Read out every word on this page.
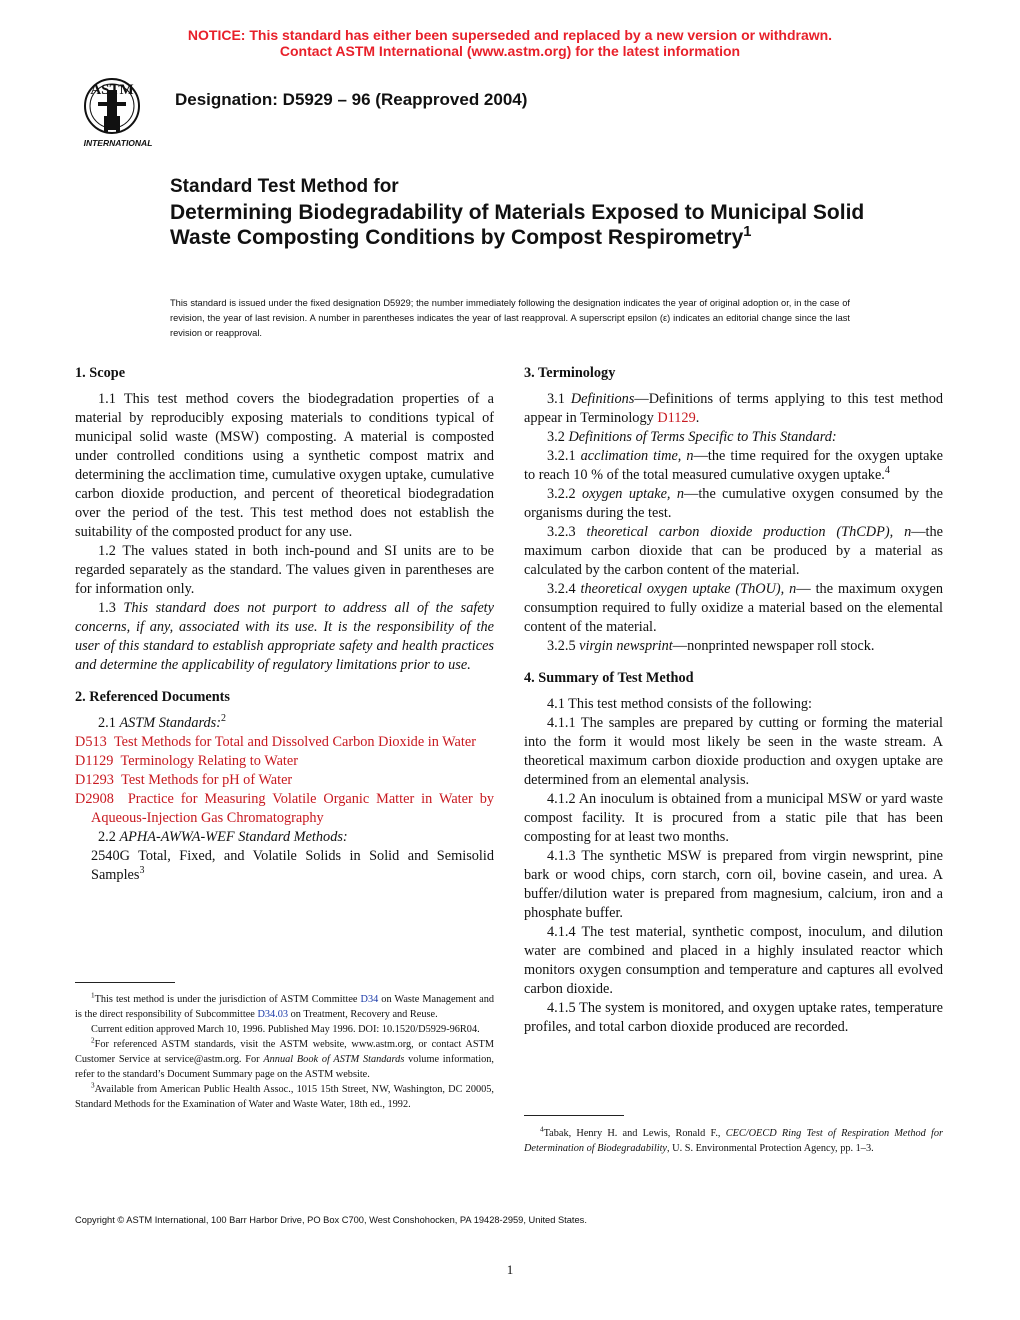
NOTICE: This standard has either been superseded and replaced by a new version or withdrawn.
Contact ASTM International (www.astm.org) for the latest information
ASTM
INTERNATIONAL
Designation: D5929 – 96 (Reapproved 2004)
Standard Test Method for
Determining Biodegradability of Materials Exposed to Municipal Solid Waste Composting Conditions by Compost Respirometry$^1$
This standard is issued under the fixed designation D5929; the number immediately following the designation indicates the year of original adoption or, in the case of revision, the year of last revision. A number in parentheses indicates the year of last reapproval. A superscript epsilon (ε) indicates an editorial change since the last revision or reapproval.

1. Scope

1.1 This test method covers the biodegradation properties of a material by reproducibly exposing materials to conditions typical of municipal solid waste (MSW) composting. A material is composted under controlled conditions using a synthetic compost matrix and determining the acclimation time, cumulative oxygen uptake, cumulative carbon dioxide production, and percent of theoretical biodegradation over the period of the test. This test method does not establish the suitability of the composted product for any use.

1.2 The values stated in both inch-pound and SI units are to be regarded separately as the standard. The values given in parentheses are for information only.

1.3 This standard does not purport to address all of the safety concerns, if any, associated with its use. It is the responsibility of the user of this standard to establish appropriate safety and health practices and determine the applicability of regulatory limitations prior to use.

2. Referenced Documents

2.1 ASTM Standards:$^2$

D513 Test Methods for Total and Dissolved Carbon Dioxide in Water

D1129 Terminology Relating to Water

D1293 Test Methods for pH of Water

D2908 Practice for Measuring Volatile Organic Matter in Water by Aqueous-Injection Gas Chromatography

2.2 APHA-AWWA-WEF Standard Methods:

2540G Total, Fixed, and Volatile Solids in Solid and Semisolid Samples$^3$

$^1$This test method is under the jurisdiction of ASTM Committee D34 on Waste Management and is the direct responsibility of Subcommittee D34.03 on Treatment, Recovery and Reuse.

Current edition approved March 10, 1996. Published May 1996. DOI: 10.1520/D5929-96R04.

$^2$For referenced ASTM standards, visit the ASTM website, www.astm.org, or contact ASTM Customer Service at service@astm.org. For Annual Book of ASTM Standards volume information, refer to the standard’s Document Summary page on the ASTM website.

$^3$Available from American Public Health Assoc., 1015 15th Street, NW, Washington, DC 20005, Standard Methods for the Examination of Water and Waste Water, 18th ed., 1992.

3. Terminology

3.1 Definitions—Definitions of terms applying to this test method appear in Terminology D1129.

3.2 Definitions of Terms Specific to This Standard:

3.2.1 acclimation time, n—the time required for the oxygen uptake to reach 10 % of the total measured cumulative oxygen uptake.$^4$

3.2.2 oxygen uptake, n—the cumulative oxygen consumed by the organisms during the test.

3.2.3 theoretical carbon dioxide production (ThCDP), n—the maximum carbon dioxide that can be produced by a material as calculated by the carbon content of the material.

3.2.4 theoretical oxygen uptake (ThOU), n— the maximum oxygen consumption required to fully oxidize a material based on the elemental content of the material.

3.2.5 virgin newsprint—nonprinted newspaper roll stock.

4. Summary of Test Method

4.1 This test method consists of the following:

4.1.1 The samples are prepared by cutting or forming the material into the form it would most likely be seen in the waste stream. A theoretical maximum carbon dioxide production and oxygen uptake are determined from an elemental analysis.

4.1.2 An inoculum is obtained from a municipal MSW or yard waste compost facility. It is procured from a static pile that has been composting for at least two months.

4.1.3 The synthetic MSW is prepared from virgin newsprint, pine bark or wood chips, corn starch, corn oil, bovine casein, and urea. A buffer/dilution water is prepared from magnesium, calcium, iron and a phosphate buffer.

4.1.4 The test material, synthetic compost, inoculum, and dilution water are combined and placed in a highly insulated reactor which monitors oxygen consumption and temperature and captures all evolved carbon dioxide.

4.1.5 The system is monitored, and oxygen uptake rates, temperature profiles, and total carbon dioxide produced are recorded.

$^4$Tabak, Henry H. and Lewis, Ronald F., CEC/OECD Ring Test of Respiration Method for Determination of Biodegradability, U. S. Environmental Protection Agency, pp. 1–3.

Copyright © ASTM International, 100 Barr Harbor Drive, PO Box C700, West Conshohocken, PA 19428-2959, United States.
1
